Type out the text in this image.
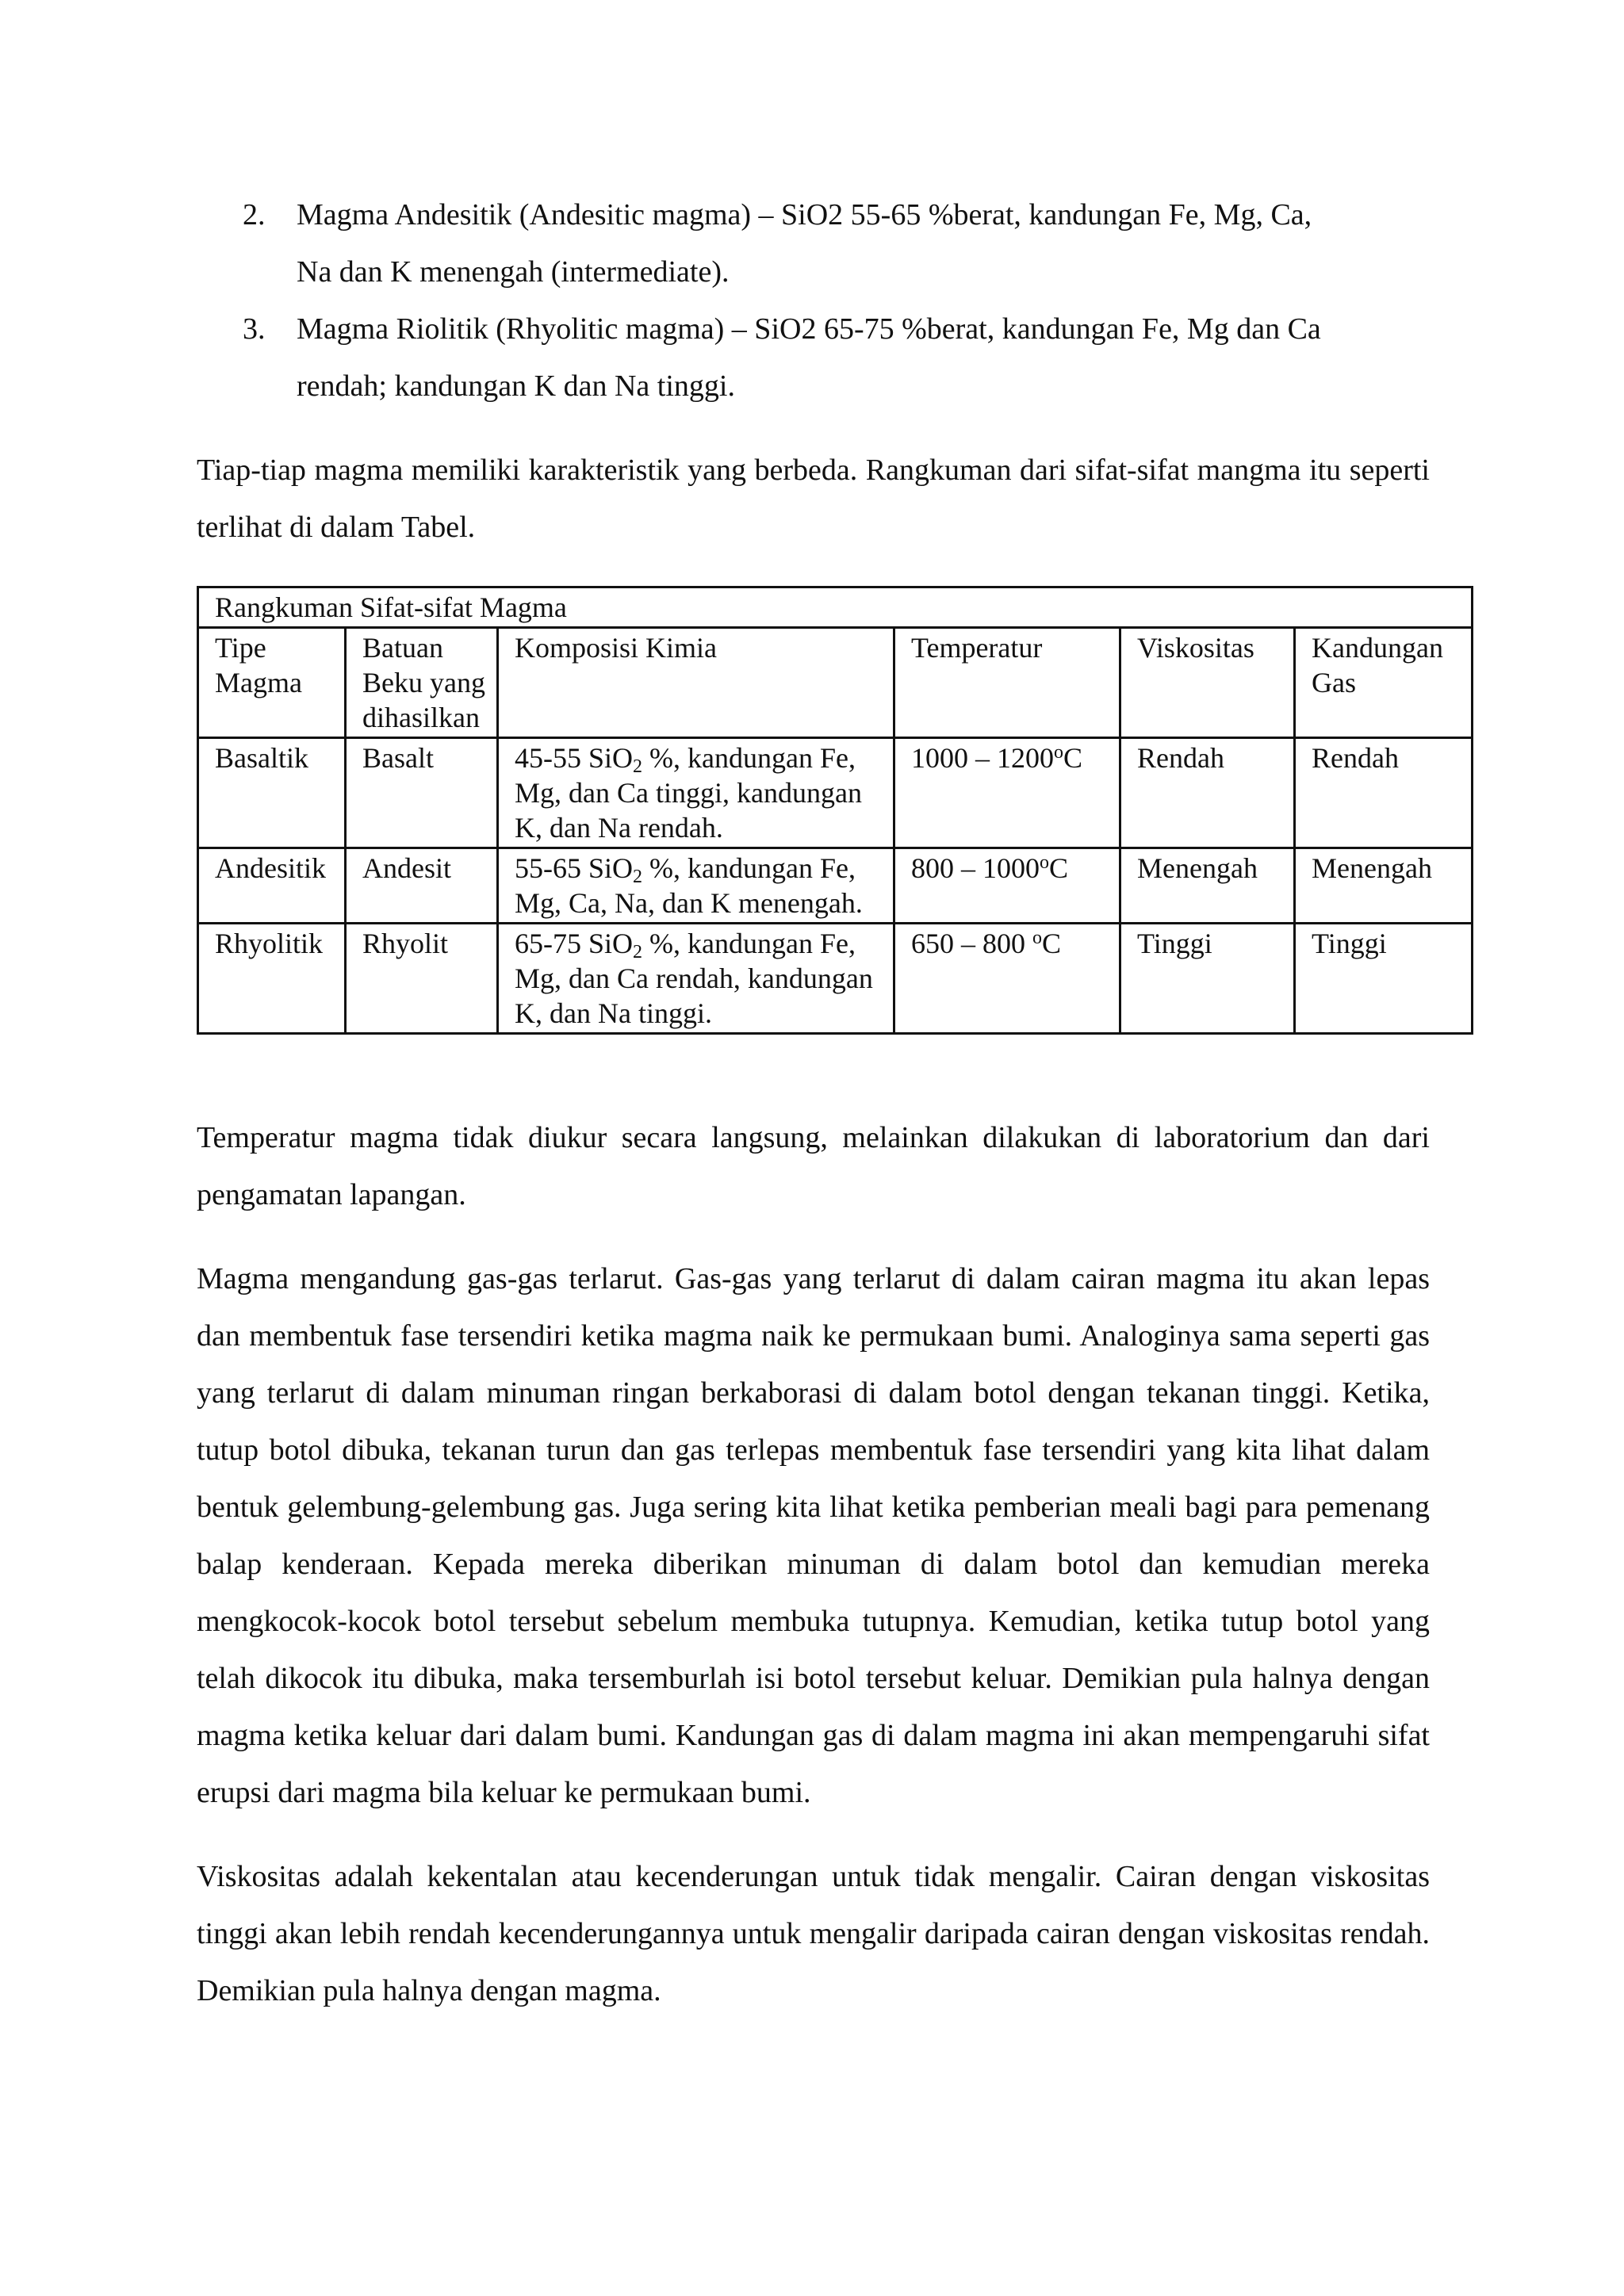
2. Magma Andesitik (Andesitic magma) – SiO2 55-65 %berat, kandungan Fe, Mg, Ca,
Na dan K menengah (intermediate).
3. Magma Riolitik (Rhyolitic magma) – SiO2 65-75 %berat, kandungan Fe, Mg dan Ca
rendah; kandungan K dan Na tinggi.

Tiap-tiap magma memiliki karakteristik yang berbeda. Rangkuman dari sifat-sifat mangma itu seperti terlihat di dalam Tabel.

Rangkuman Sifat-sifat Magma					
Tipe Magma	Batuan Beku yang dihasilkan	Komposisi Kimia	Temperatur	Viskositas	Kandungan Gas
Basaltik	Basalt	45-55 SiO$_2$ %, kandungan Fe, Mg, dan Ca tinggi, kandungan K, dan Na rendah.	1000 – 1200$^o$C	Rendah	Rendah
Andesitik	Andesit	55-65 SiO$_2$ %, kandungan Fe, Mg, Ca, Na, dan K menengah.	800 – 1000$^o$C	Menengah	Menengah
Rhyolitik	Rhyolit	65-75 SiO$_2$ %, kandungan Fe, Mg, dan Ca rendah, kandungan K, dan Na tinggi.	650 – 800 $^o$C	Tinggi	Tinggi

Temperatur magma tidak diukur secara langsung, melainkan dilakukan di laboratorium dan dari pengamatan lapangan.

Magma mengandung gas-gas terlarut. Gas-gas yang terlarut di dalam cairan magma itu akan lepas dan membentuk fase tersendiri ketika magma naik ke permukaan bumi. Analoginya sama seperti gas yang terlarut di dalam minuman ringan berkaborasi di dalam botol dengan tekanan tinggi. Ketika, tutup botol dibuka, tekanan turun dan gas terlepas membentuk fase tersendiri yang kita lihat dalam bentuk gelembung-gelembung gas. Juga sering kita lihat ketika pemberian meali bagi para pemenang balap kenderaan. Kepada mereka diberikan minuman di dalam botol dan kemudian mereka mengkocok-kocok botol tersebut sebelum membuka tutupnya. Kemudian, ketika tutup botol yang telah dikocok itu dibuka, maka tersemburlah isi botol tersebut keluar. Demikian pula halnya dengan magma ketika keluar dari dalam bumi. Kandungan gas di dalam magma ini akan mempengaruhi sifat erupsi dari magma bila keluar ke permukaan bumi.

Viskositas adalah kekentalan atau kecenderungan untuk tidak mengalir. Cairan dengan viskositas tinggi akan lebih rendah kecenderungannya untuk mengalir daripada cairan dengan viskositas rendah. Demikian pula halnya dengan magma.
